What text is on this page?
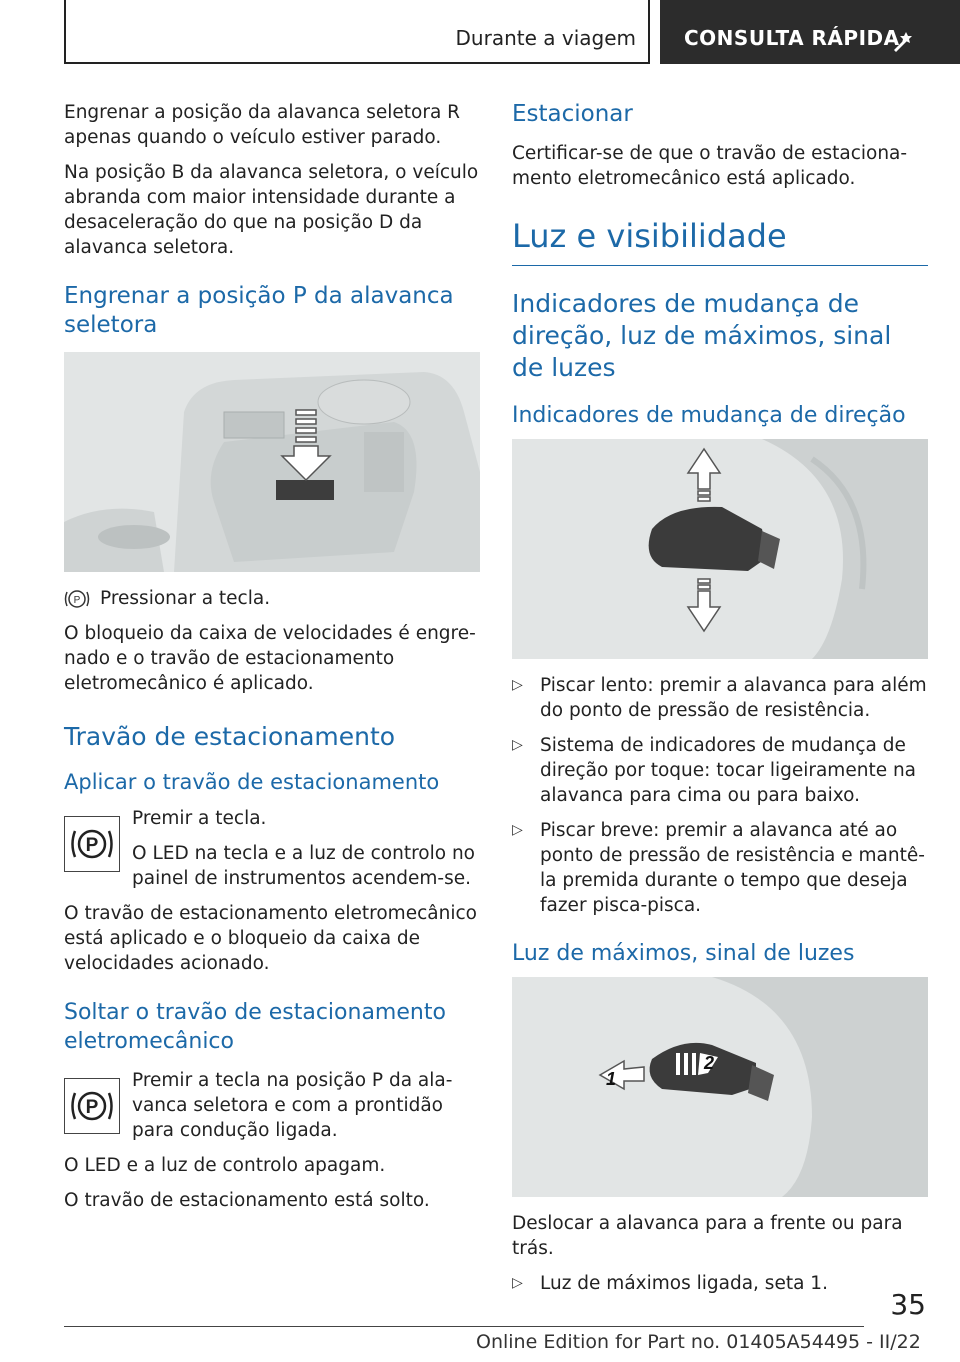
Durante a viagem CONSULTA RÁPIDA

Engrenar a posição da alavanca seletora R apenas quando o veículo estiver parado.

Na posição B da alavanca seletora, o veículo abranda com maior intensidade durante a desaceleração do que na posição D da alavanca seletora.

Engrenar a posição P da alavanca seletora

P Pressionar a tecla.

O bloqueio da caixa de velocidades é engrenado e o travão de estacionamento eletromecânico é aplicado.

Travão de estacionamento
Aplicar o travão de estacionamento
P

Premir a tecla.

O LED na tecla e a luz de controlo no painel de instrumentos acendem-se.

O travão de estacionamento eletromecânico está aplicado e o bloqueio da caixa de velocidades acionado.

Soltar o travão de estacionamento eletromecânico
P

Premir a tecla na posição P da alavanca seletora e com a prontidão para condução ligada.

O LED e a luz de controlo apagam.

O travão de estacionamento está solto.

Estacionar

Certificar-se de que o travão de estacionamento eletromecânico está aplicado.

Luz e visibilidade
Indicadores de mudança de direção, luz de máximos, sinal de luzes
Indicadores de mudança de direção
▷ Piscar lento: premir a alavanca para além do ponto de pressão de resistência.

▷ Sistema de indicadores de mudança de direção por toque: tocar ligeiramente na alavanca para cima ou para baixo.

▷ Piscar breve: premir a alavanca até ao ponto de pressão de resistência e mantê-la premida durante o tempo que deseja fazer pisca-pisca.

Luz de máximos, sinal de luzes
1
2

Deslocar a alavanca para a frente ou para trás.

▷ Luz de máximos ligada, seta 1.

35
Online Edition for Part no. 01405A54495 - II/22
